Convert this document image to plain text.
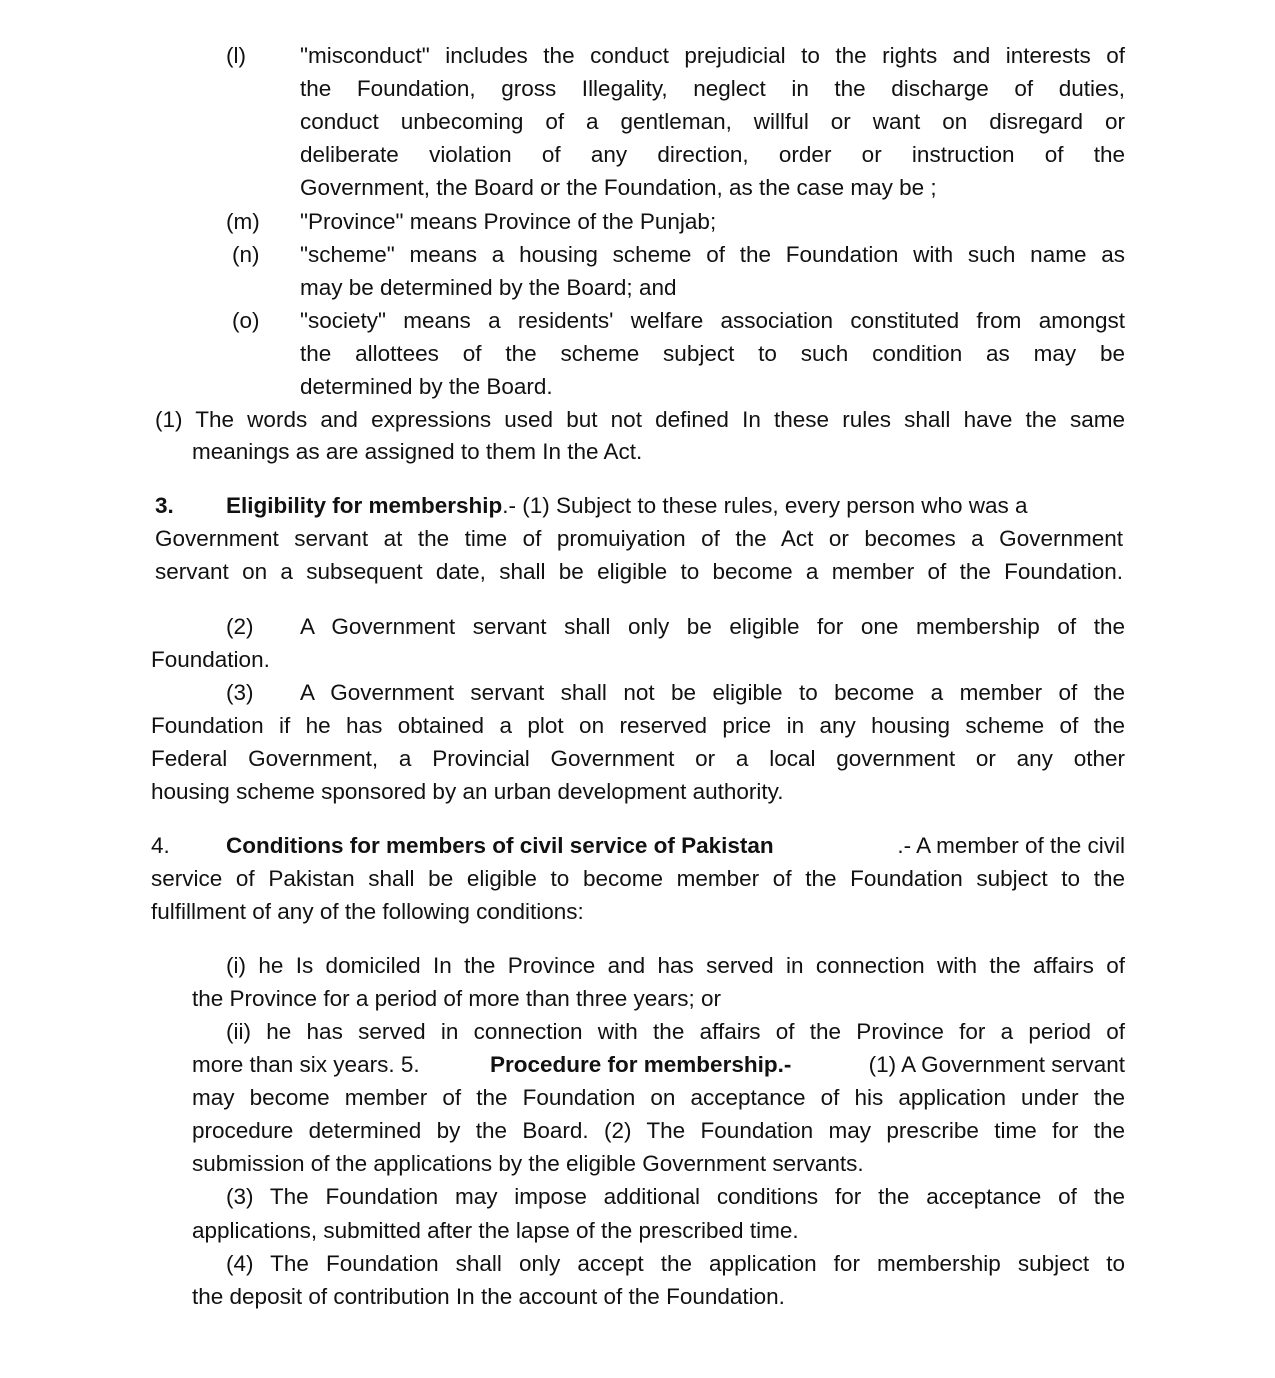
(l) "misconduct" includes the conduct prejudicial to the rights and interests of
the Foundation, gross Illegality, neglect in the discharge of duties,
conduct unbecoming of a gentleman, willful or want on disregard or
deliberate violation of any direction, order or instruction of the
Government, the Board or the Foundation, as the case may be ;
(m) "Province" means Province of the Punjab;
(n) "scheme" means a housing scheme of the Foundation with such name as
may be determined by the Board; and
(o) "society" means a residents' welfare association constituted from amongst
the allottees of the scheme subject to such condition as may be
determined by the Board.
(1) The words and expressions used but not defined In these rules shall have the same
meanings as are assigned to them In the Act.
3. Eligibility for membership.- (1) Subject to these rules, every person who was a
Government servant at the time of promuiyation of the Act or becomes a Government
servant on a subsequent date, shall be eligible to become a member of the Foundation.
(2) A Government servant shall only be eligible for one membership of the
Foundation.
(3) A Government servant shall not be eligible to become a member of the
Foundation if he has obtained a plot on reserved price in any housing scheme of the
Federal Government, a Provincial Government or a local government or any other
housing scheme sponsored by an urban development authority.
4. Conditions for members of civil service of Pakistan	.- A member of the civil
service of Pakistan shall be eligible to become member of the Foundation subject to the
fulfillment of any of the following conditions:
(i) he Is domiciled In the Province and has served in connection with the affairs of
the Province for a period of more than three years; or
(ii) he has served in connection with the affairs of the Province for a period of
more than six years. 5.	Procedure for membership.-	(1) A Government servant
may become member of the Foundation on acceptance of his application under the
procedure determined by the Board. (2) The Foundation may prescribe time for the
submission of the applications by the eligible Government servants.
(3) The Foundation may impose additional conditions for the acceptance of the
applications, submitted after the lapse of the prescribed time.
(4) The Foundation shall only accept the application for membership subject to
the deposit of contribution In the account of the Foundation.
